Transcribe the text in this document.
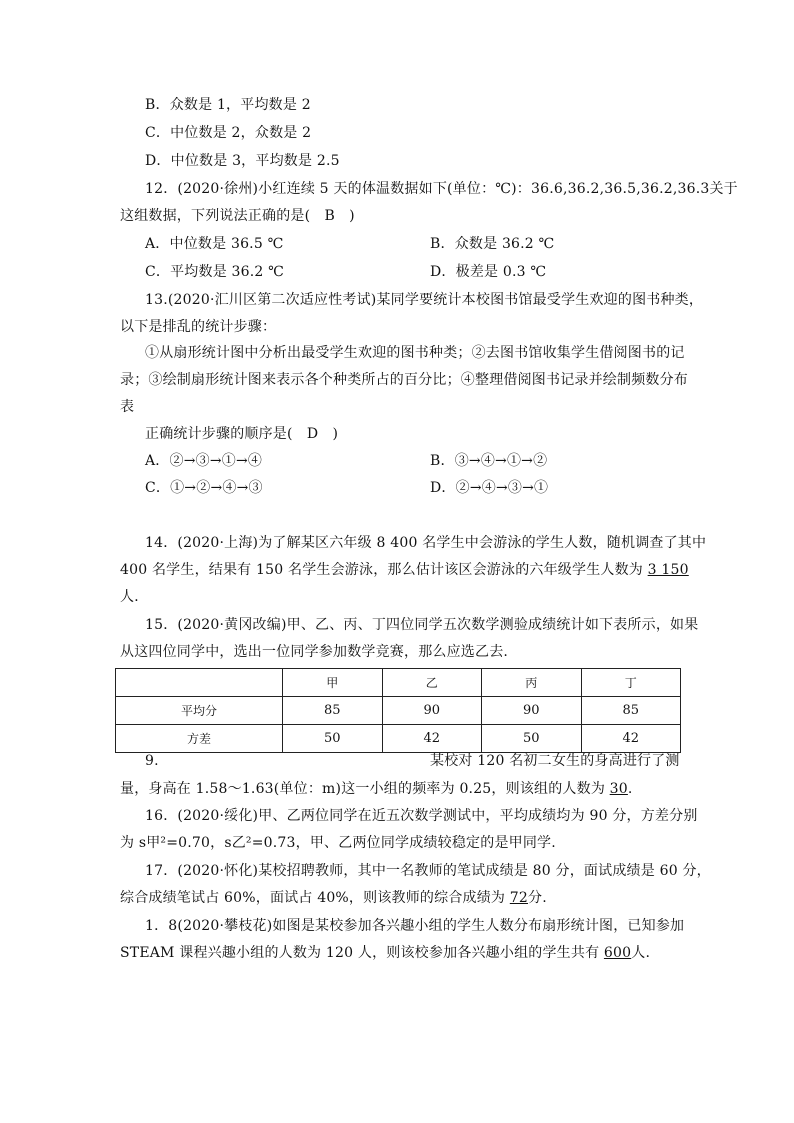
B．众数是 1，平均数是 2
C．中位数是 2，众数是 2
D．中位数是 3，平均数是 2.5
12．(2020·徐州)小红连续 5 天的体温数据如下(单位：℃)：36.6,36.2,36.5,36.2,36.3关于
这组数据，下列说法正确的是(　B　)
A．中位数是 36.5 ℃	B．众数是 36.2 ℃
C．平均数是 36.2 ℃	D．极差是 0.3 ℃
13.(2020·汇川区第二次适应性考试)某同学要统计本校图书馆最受学生欢迎的图书种类，
以下是排乱的统计步骤：
①从扇形统计图中分析出最受学生欢迎的图书种类；②去图书馆收集学生借阅图书的记
录；③绘制扇形统计图来表示各个种类所占的百分比；④整理借阅图书记录并绘制频数分布
表
正确统计步骤的顺序是(　D　)
A．②→③→①→④	B．③→④→①→②
C．①→②→④→③	D．②→④→③→①
14．(2020·上海)为了解某区六年级 8 400 名学生中会游泳的学生人数，随机调查了其中
400 名学生，结果有 150 名学生会游泳，那么估计该区会游泳的六年级学生人数为 3 150
人．
15．(2020·黄冈改编)甲、乙、丙、丁四位同学五次数学测验成绩统计如下表所示，如果
从这四位同学中，选出一位同学参加数学竞赛，那么应选乙去.
	甲	乙	丙	丁
平均分	85	90	90	85
方差	50	42	50	42
9.	某校对 120 名初二女生的身高进行了测
量，身高在 1.58～1.63(单位：m)这一小组的频率为 0.25，则该组的人数为 30.
16．(2020·绥化)甲、乙两位同学在近五次数学测试中，平均成绩均为 90 分，方差分别
为 s甲²=0.70，s乙²=0.73，甲、乙两位同学成绩较稳定的是甲同学.
17．(2020·怀化)某校招聘教师，其中一名教师的笔试成绩是 80 分，面试成绩是 60 分，
综合成绩笔试占 60%，面试占 40%，则该教师的综合成绩为 72分.
1．8(2020·攀枝花)如图是某校参加各兴趣小组的学生人数分布扇形统计图，已知参加
STEAM 课程兴趣小组的人数为 120 人，则该校参加各兴趣小组的学生共有 600人.
